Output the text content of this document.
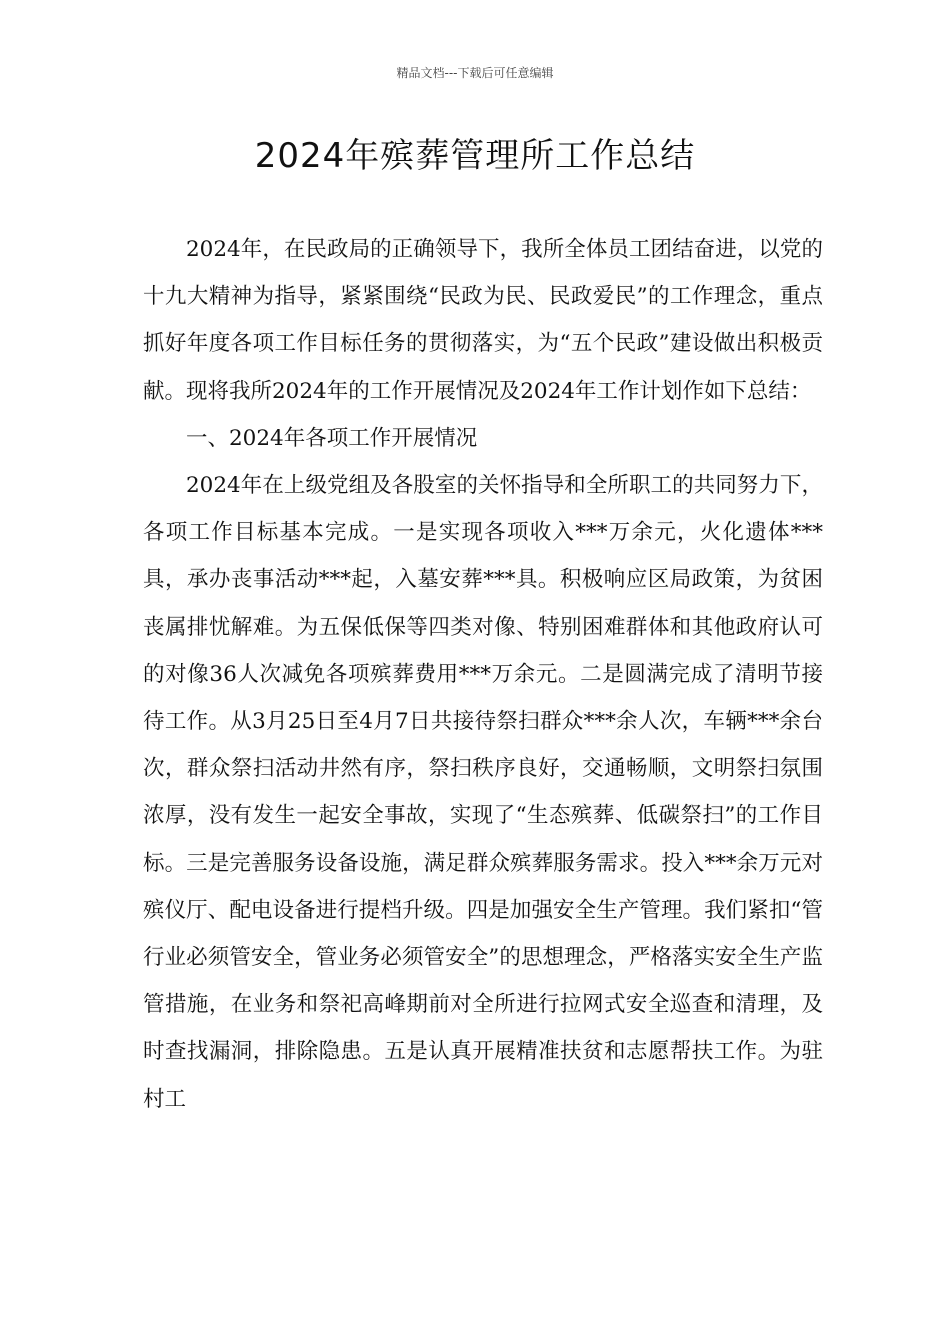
精品文档---下载后可任意编辑
2024年殡葬管理所工作总结

2024年，在民政局的正确领导下，我所全体员工团结奋进，以党的十九大精神为指导，紧紧围绕“民政为民、民政爱民”的工作理念，重点抓好年度各项工作目标任务的贯彻落实，为“五个民政”建设做出积极贡献。现将我所2024年的工作开展情况及2024年工作计划作如下总结：

一、2024年各项工作开展情况

2024年在上级党组及各股室的关怀指导和全所职工的共同努力下，各项工作目标基本完成。一是实现各项收入***万余元，火化遗体***具，承办丧事活动***起，入墓安葬***具。积极响应区局政策，为贫困丧属排忧解难。为五保低保等四类对像、特别困难群体和其他政府认可的对像36人次减免各项殡葬费用***万余元。二是圆满完成了清明节接待工作。从3月25日至4月7日共接待祭扫群众***余人次，车辆***余台次，群众祭扫活动井然有序，祭扫秩序良好，交通畅顺，文明祭扫氛围浓厚，没有发生一起安全事故，实现了“生态殡葬、低碳祭扫”的工作目标。三是完善服务设备设施，满足群众殡葬服务需求。投入***余万元对殡仪厅、配电设备进行提档升级。四是加强安全生产管理。我们紧扣“管行业必须管安全，管业务必须管安全”的思想理念，严格落实安全生产监管措施，在业务和祭祀高峰期前对全所进行拉网式安全巡查和清理，及时查找漏洞，排除隐患。五是认真开展精准扶贫和志愿帮扶工作。为驻村工
